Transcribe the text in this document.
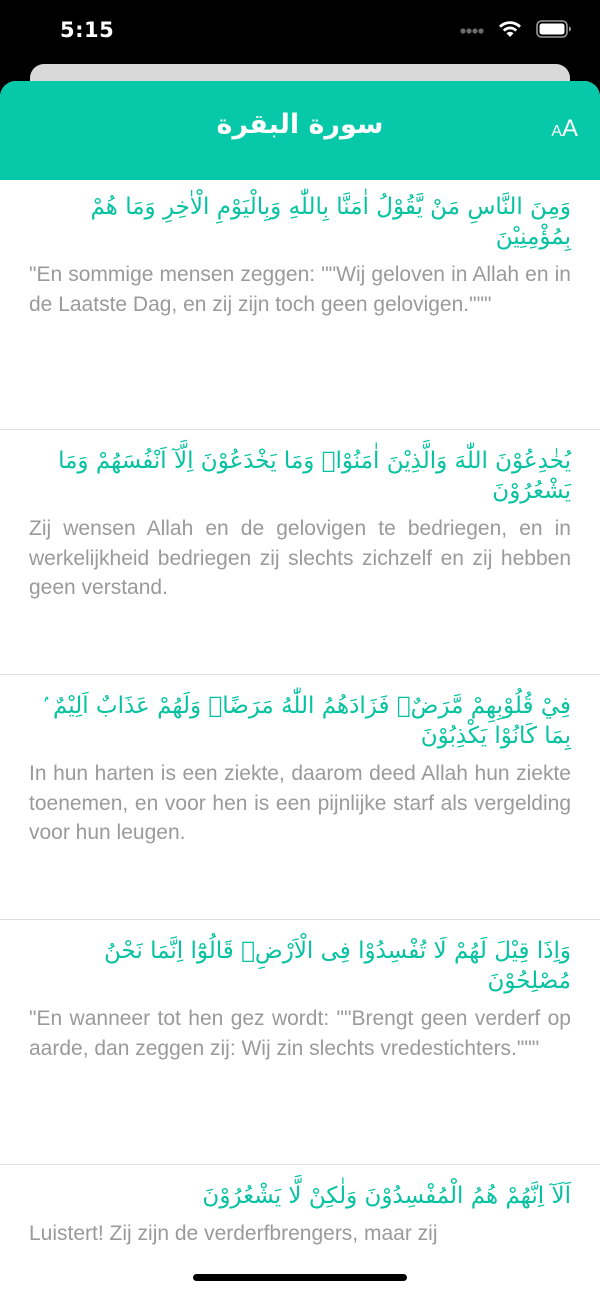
5:15
سورة البقرة	AA

وَمِنَ النَّاسِ مَنْ يَّقُوْلُ اٰمَنَّا بِاللّٰهِ وَبِالْيَوْمِ الْاٰخِرِ وَمَا هُمْ بِمُؤْمِنِيْنَ

"En sommige mensen zeggen: ""Wij geloven in Allah en in de Laatste Dag, en zij zijn toch geen gelovigen."""

يُخٰدِعُوْنَ اللّٰهَ وَالَّذِيْنَ اٰمَنُوْاۚ وَمَا يَخْدَعُوْنَ اِلَّآ اَنْفُسَهُمْ وَمَا يَشْعُرُوْنَ

Zij wensen Allah en de gelovigen te bedriegen, en in werkelijkheid bedriegen zij slechts zichzelf en zij hebben geen verstand.

فِيْ قُلُوْبِهِمْ مَّرَضٌۙ فَزَادَهُمُ اللّٰهُ مَرَضًاۚ وَلَهُمْ عَذَابٌ اَلِيْمٌ ۢ بِمَا كَانُوْا يَكْذِبُوْنَ

In hun harten is een ziekte, daarom deed Allah hun ziekte toenemen, en voor hen is een pijnlijke starf als vergelding voor hun leugen.

وَاِذَا قِيْلَ لَهُمْ لَا تُفْسِدُوْا فِى الْاَرْضِۙ قَالُوْٓا اِنَّمَا نَحْنُ مُصْلِحُوْنَ

"En wanneer tot hen gez wordt: ""Brengt geen verderf op aarde, dan zeggen zij: Wij zin slechts vredestichters."""

اَلَآ اِنَّهُمْ هُمُ الْمُفْسِدُوْنَ وَلٰكِنْ لَّا يَشْعُرُوْنَ

Luistert! Zij zijn de verderfbrengers, maar zij
